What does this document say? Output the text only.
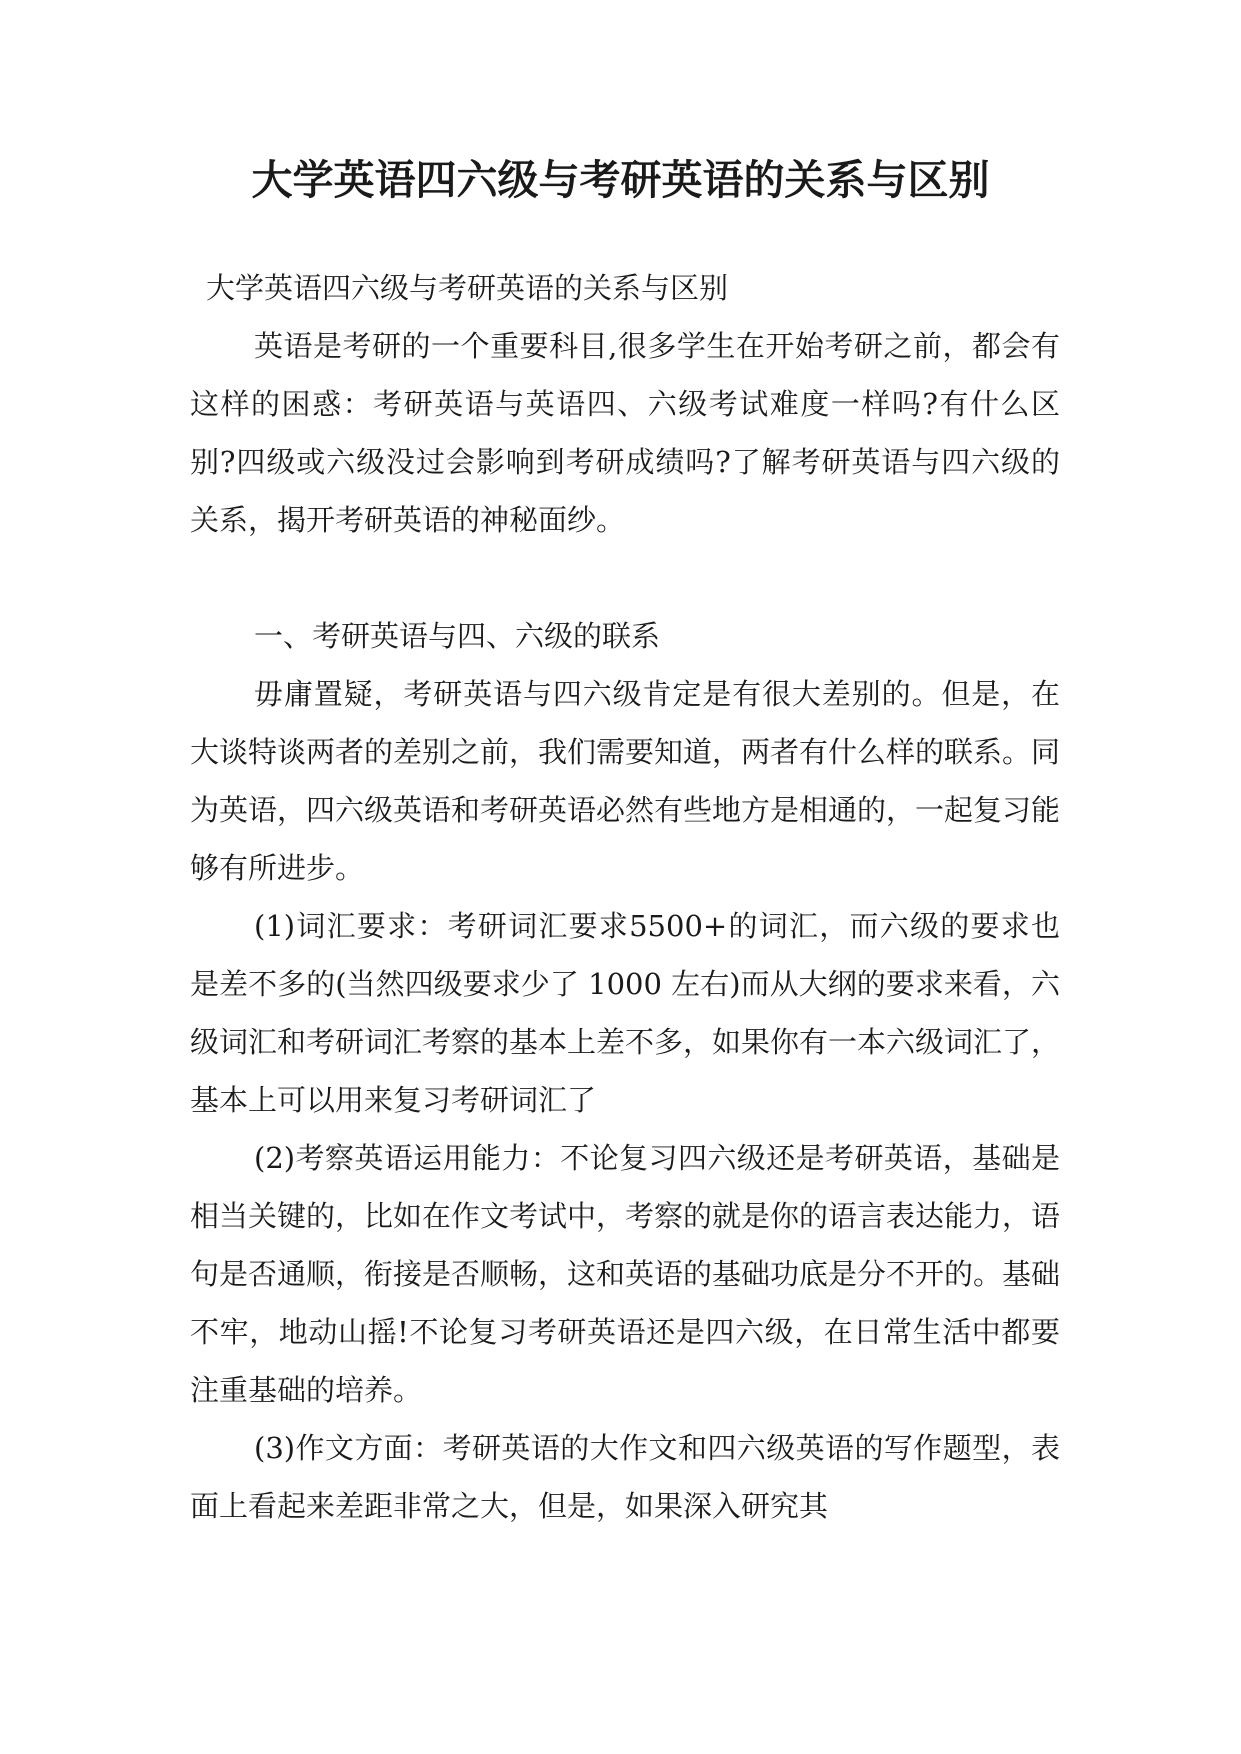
大学英语四六级与考研英语的关系与区别

大学英语四六级与考研英语的关系与区别

英语是考研的一个重要科目,很多学生在开始考研之前，都会有这样的困惑：考研英语与英语四、六级考试难度一样吗?有什么区别?四级或六级没过会影响到考研成绩吗?了解考研英语与四六级的关系，揭开考研英语的神秘面纱。

一、考研英语与四、六级的联系

毋庸置疑，考研英语与四六级肯定是有很大差别的。但是，在大谈特谈两者的差别之前，我们需要知道，两者有什么样的联系。同为英语，四六级英语和考研英语必然有些地方是相通的，一起复习能够有所进步。

(1)词汇要求：考研词汇要求5500+的词汇，而六级的要求也是差不多的(当然四级要求少了 1000 左右)而从大纲的要求来看，六级词汇和考研词汇考察的基本上差不多，如果你有一本六级词汇了，基本上可以用来复习考研词汇了

(2)考察英语运用能力：不论复习四六级还是考研英语，基础是相当关键的，比如在作文考试中，考察的就是你的语言表达能力，语句是否通顺，衔接是否顺畅，这和英语的基础功底是分不开的。基础不牢，地动山摇!不论复习考研英语还是四六级，在日常生活中都要注重基础的培养。

(3)作文方面：考研英语的大作文和四六级英语的写作题型，表面上看起来差距非常之大，但是，如果深入研究其
